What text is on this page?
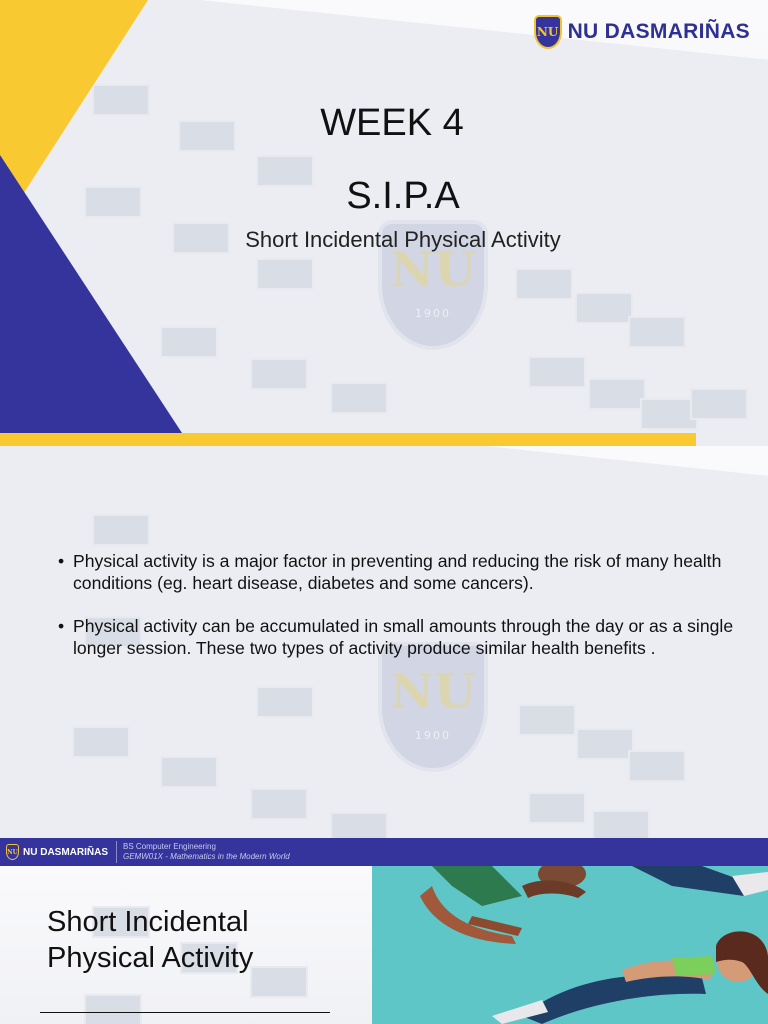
NU
1900
NU NU DASMARIÑAS
WEEK 4
S.I.P.A
Short Incidental Physical Activity
NU
1900
• Physical activity is a major factor in preventing and reducing the risk of many health conditions (eg. heart disease, diabetes and some cancers).
• Physical activity can be accumulated in small amounts through the day or as a single longer session. These two types of activity produce similar health benefits .
NU NU DASMARIÑAS BS Computer Engineering
GEMW01X - Mathematics in the Modern World
Short Incidental
Physical Activity
